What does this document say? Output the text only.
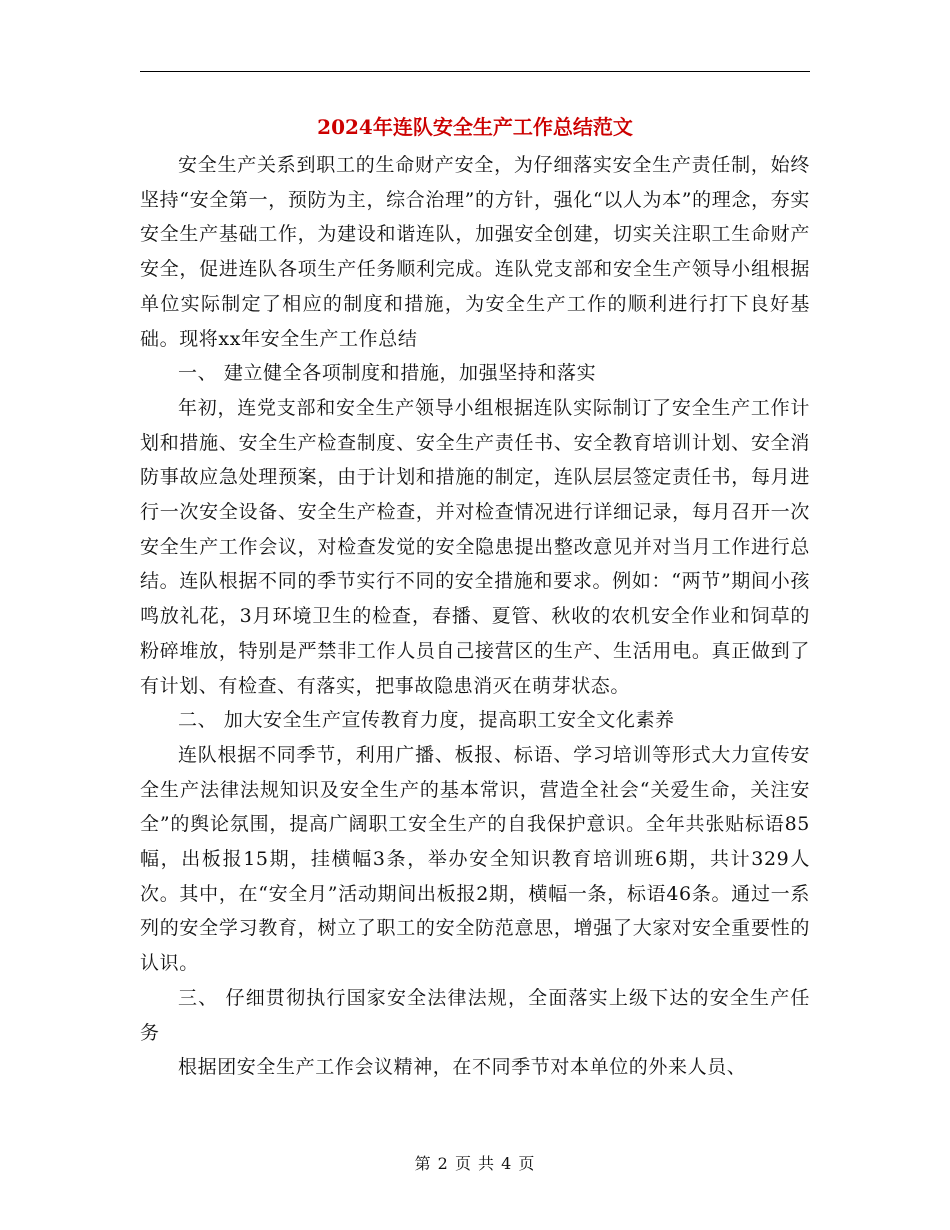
2024年连队安全生产工作总结范文

安全生产关系到职工的生命财产安全，为仔细落实安全生产责任制，始终坚持“安全第一，预防为主，综合治理”的方针，强化“以人为本”的理念，夯实安全生产基础工作，为建设和谐连队，加强安全创建，切实关注职工生命财产安全，促进连队各项生产任务顺利完成。连队党支部和安全生产领导小组根据单位实际制定了相应的制度和措施，为安全生产工作的顺利进行打下良好基础。现将xx年安全生产工作总结

一、 建立健全各项制度和措施，加强坚持和落实

年初，连党支部和安全生产领导小组根据连队实际制订了安全生产工作计划和措施、安全生产检查制度、安全生产责任书、安全教育培训计划、安全消防事故应急处理预案，由于计划和措施的制定，连队层层签定责任书，每月进行一次安全设备、安全生产检查，并对检查情况进行详细记录，每月召开一次安全生产工作会议，对检查发觉的安全隐患提出整改意见并对当月工作进行总结。连队根据不同的季节实行不同的安全措施和要求。例如：“两节”期间小孩鸣放礼花，3月环境卫生的检查，春播、夏管、秋收的农机安全作业和饲草的粉碎堆放，特别是严禁非工作人员自己接营区的生产、生活用电。真正做到了有计划、有检查、有落实，把事故隐患消灭在萌芽状态。

二、 加大安全生产宣传教育力度，提高职工安全文化素养

连队根据不同季节，利用广播、板报、标语、学习培训等形式大力宣传安全生产法律法规知识及安全生产的基本常识，营造全社会“关爱生命，关注安全”的舆论氛围，提高广阔职工安全生产的自我保护意识。全年共张贴标语85幅，出板报15期，挂横幅3条，举办安全知识教育培训班6期，共计329人次。其中，在“安全月”活动期间出板报2期，横幅一条，标语46条。通过一系列的安全学习教育，树立了职工的安全防范意思，增强了大家对安全重要性的认识。

三、 仔细贯彻执行国家安全法律法规，全面落实上级下达的安全生产任务

根据团安全生产工作会议精神，在不同季节对本单位的外来人员、

第 2 页 共 4 页
